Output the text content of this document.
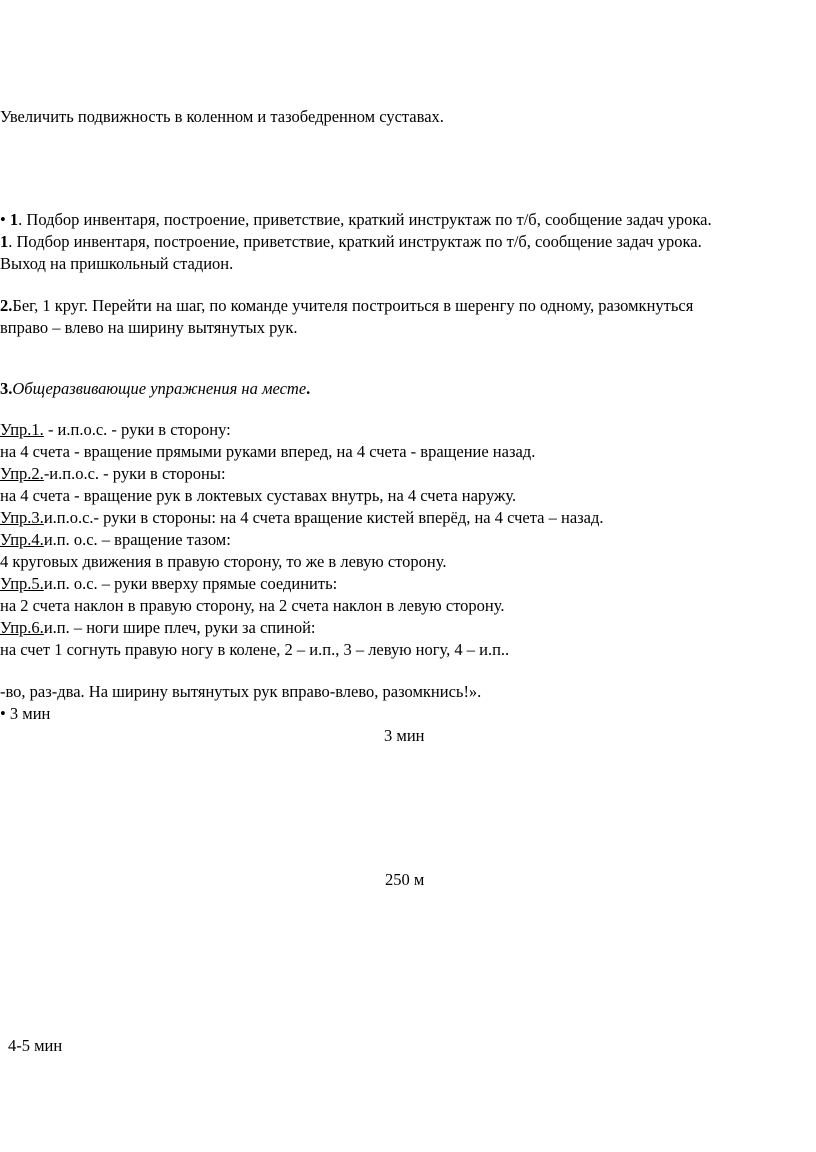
Увеличить подвижность в коленном и тазобедренном суставах.
• 1. Подбор инвентаря, построение, приветствие, краткий инструктаж по т/б, сообщение задач урока.
1. Подбор инвентаря, построение, приветствие, краткий инструктаж по т/б, сообщение задач урока.
Выход на пришкольный стадион.
2.Бег, 1 круг. Перейти на шаг, по команде учителя построиться в шеренгу по одному, разомкнуться
вправо – влево на ширину вытянутых рук.
3.Общеразвивающие упражнения на месте.
Упр.1. - и.п.о.с. - руки в сторону:
на 4 счета - вращение прямыми руками вперед, на 4 счета - вращение назад.
Упр.2.-и.п.о.с. - руки в стороны:
на 4 счета - вращение рук в локтевых суставах внутрь, на 4 счета наружу.
Упр.3.и.п.о.с.- руки в стороны: на 4 счета вращение кистей вперёд, на 4 счета – назад.
Упр.4.и.п. о.с. – вращение тазом:
4 круговых движения в правую сторону, то же в левую сторону.
Упр.5.и.п. о.с. – руки вверху прямые соединить:
на 2 счета наклон в правую сторону, на 2 счета наклон в левую сторону.
Упр.6.и.п. – ноги шире плеч, руки за спиной:
на счет 1 согнуть правую ногу в колене, 2 – и.п., 3 – левую ногу, 4 – и.п..
-во, раз-два. На ширину вытянутых рук вправо-влево, разомкнись!».
• 3 мин
3 мин
250 м
4-5 мин
